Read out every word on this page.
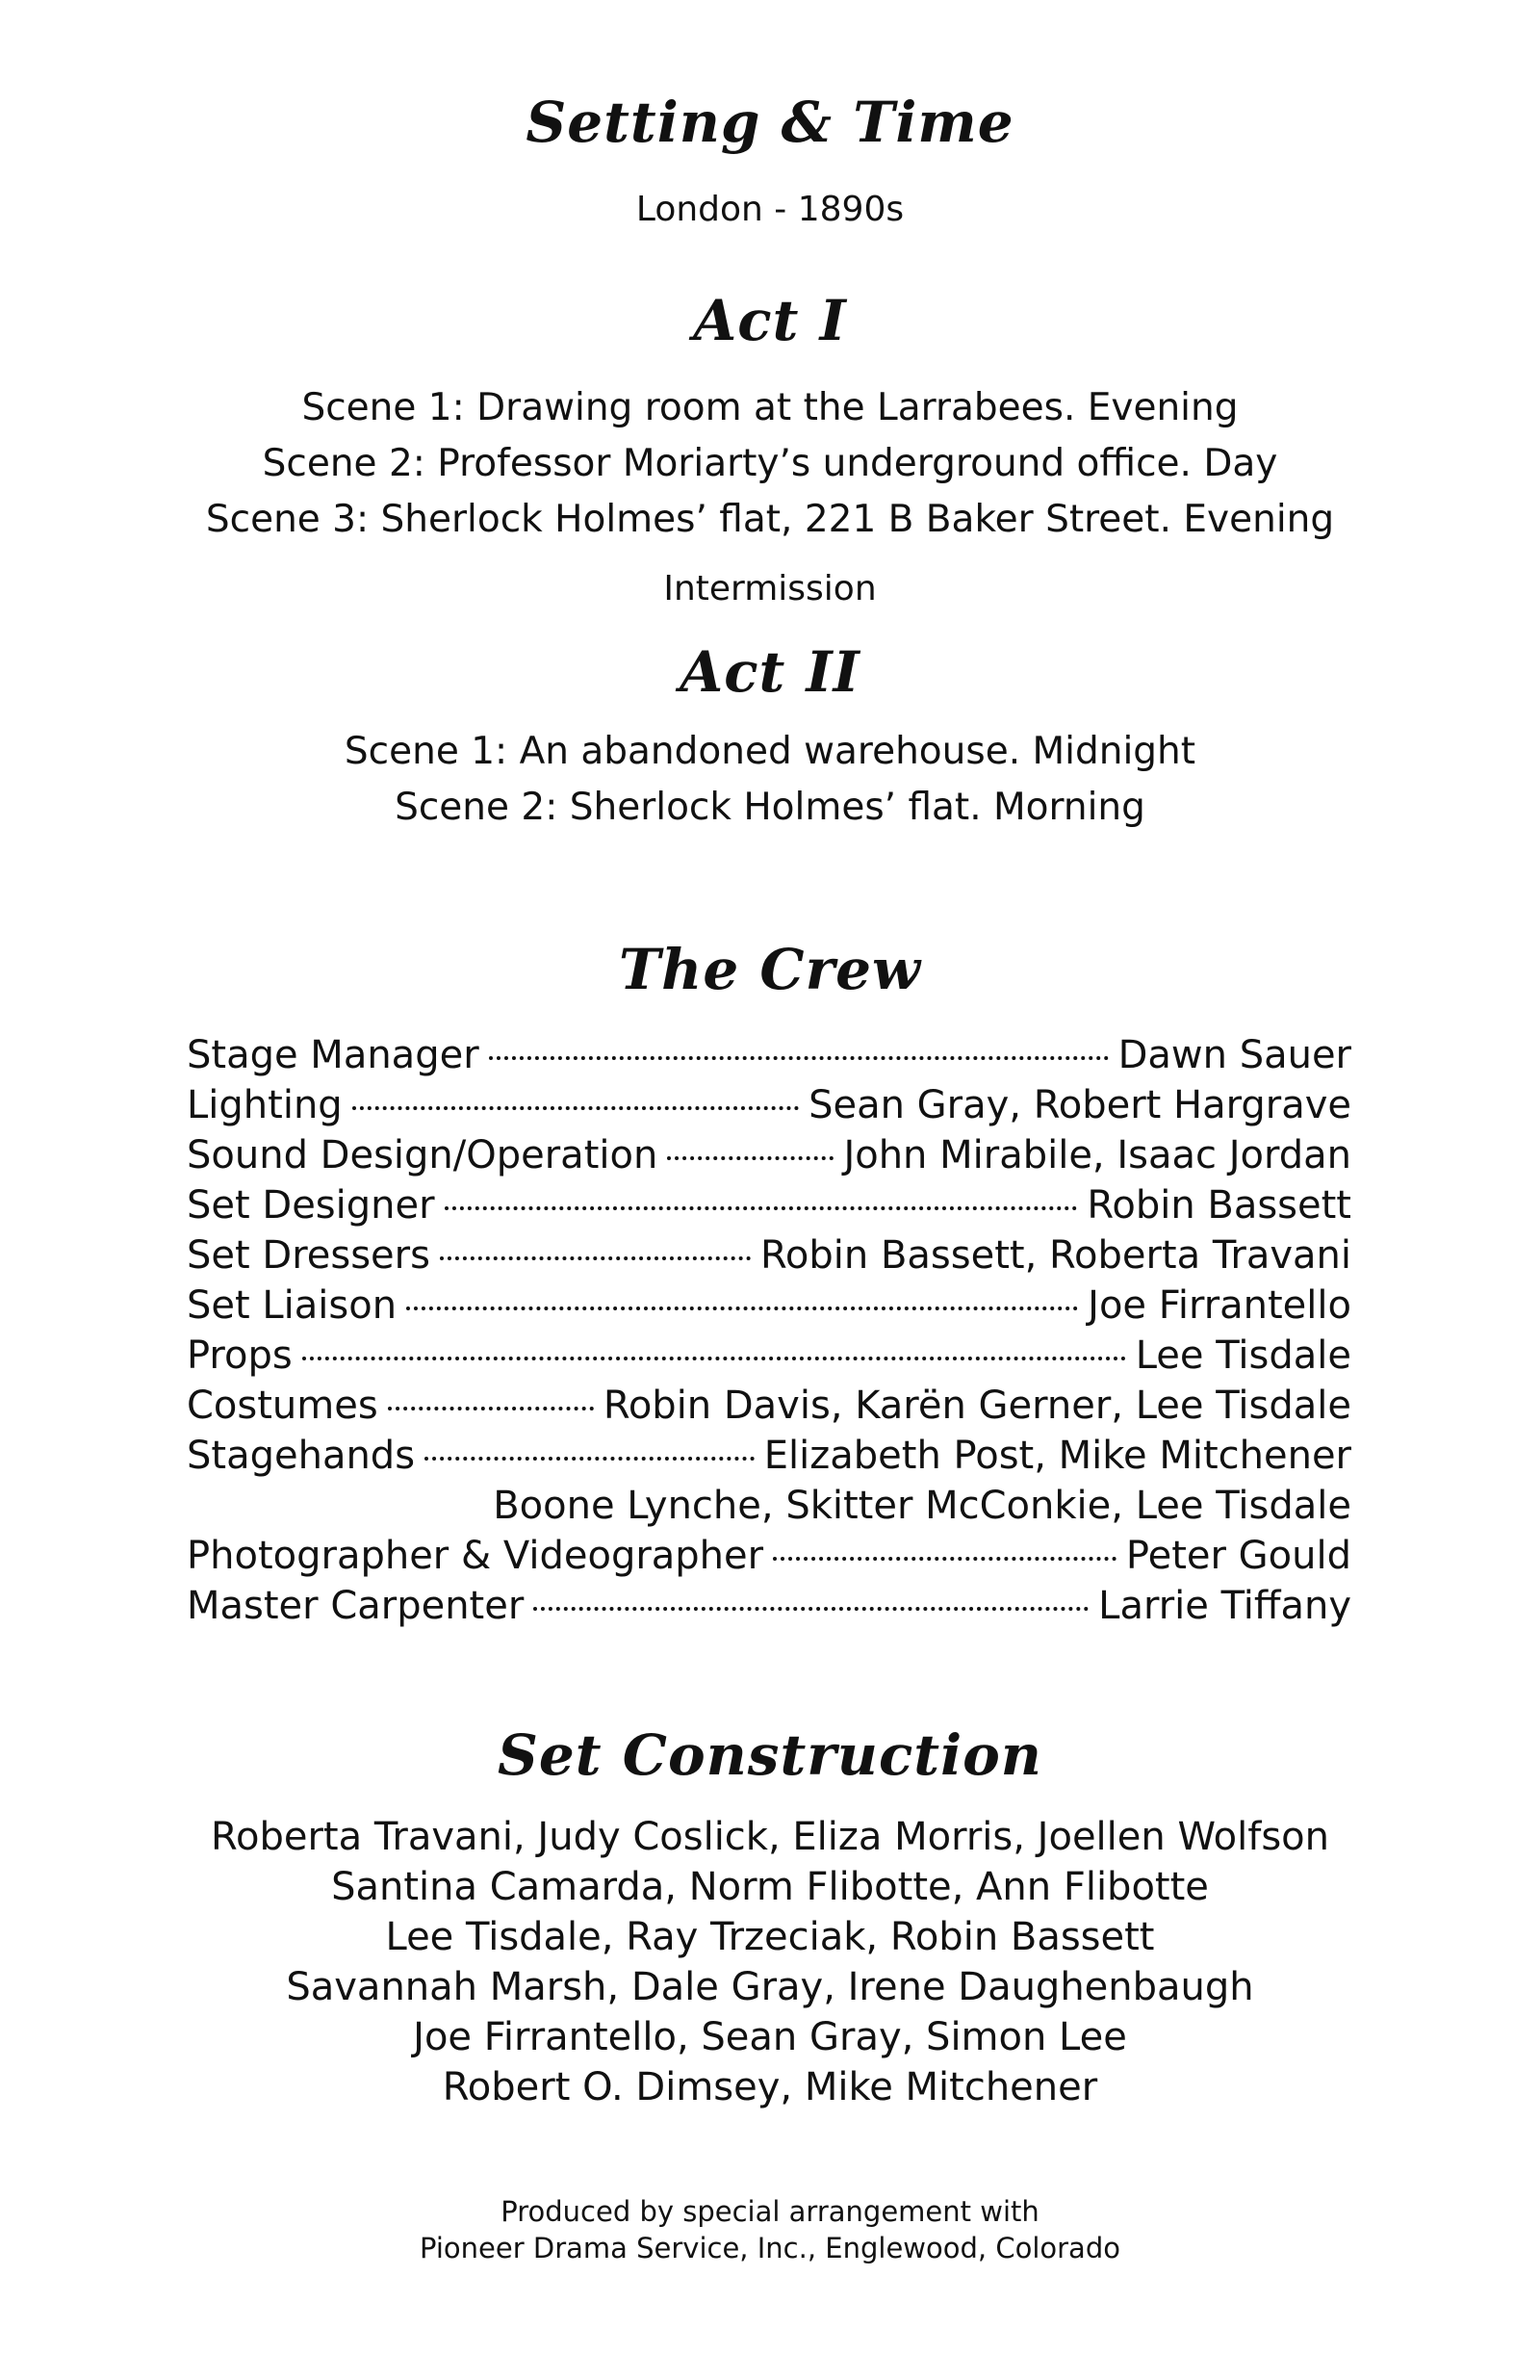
Setting & Time
London - 1890s
Act I
Scene 1: Drawing room at the Larrabees. Evening
Scene 2: Professor Moriarty’s underground office. Day
Scene 3: Sherlock Holmes’ flat, 221 B Baker Street. Evening
Intermission
Act II
Scene 1: An abandoned warehouse. Midnight
Scene 2: Sherlock Holmes’ flat. Morning
The Crew
Stage Manager	Dawn Sauer
Lighting	Sean Gray, Robert Hargrave
Sound Design/Operation	John Mirabile, Isaac Jordan
Set Designer	Robin Bassett
Set Dressers	Robin Bassett, Roberta Travani
Set Liaison	Joe Firrantello
Props	Lee Tisdale
Costumes	Robin Davis, Karën Gerner, Lee Tisdale
Stagehands	Elizabeth Post, Mike Mitchener
Boone Lynche, Skitter McConkie, Lee Tisdale
Photographer & Videographer	Peter Gould
Master Carpenter	Larrie Tiffany
Set Construction
Roberta Travani, Judy Coslick, Eliza Morris, Joellen Wolfson
Santina Camarda, Norm Flibotte, Ann Flibotte
Lee Tisdale, Ray Trzeciak, Robin Bassett
Savannah Marsh, Dale Gray, Irene Daughenbaugh
Joe Firrantello, Sean Gray, Simon Lee
Robert O. Dimsey, Mike Mitchener
Produced by special arrangement with
Pioneer Drama Service, Inc., Englewood, Colorado
